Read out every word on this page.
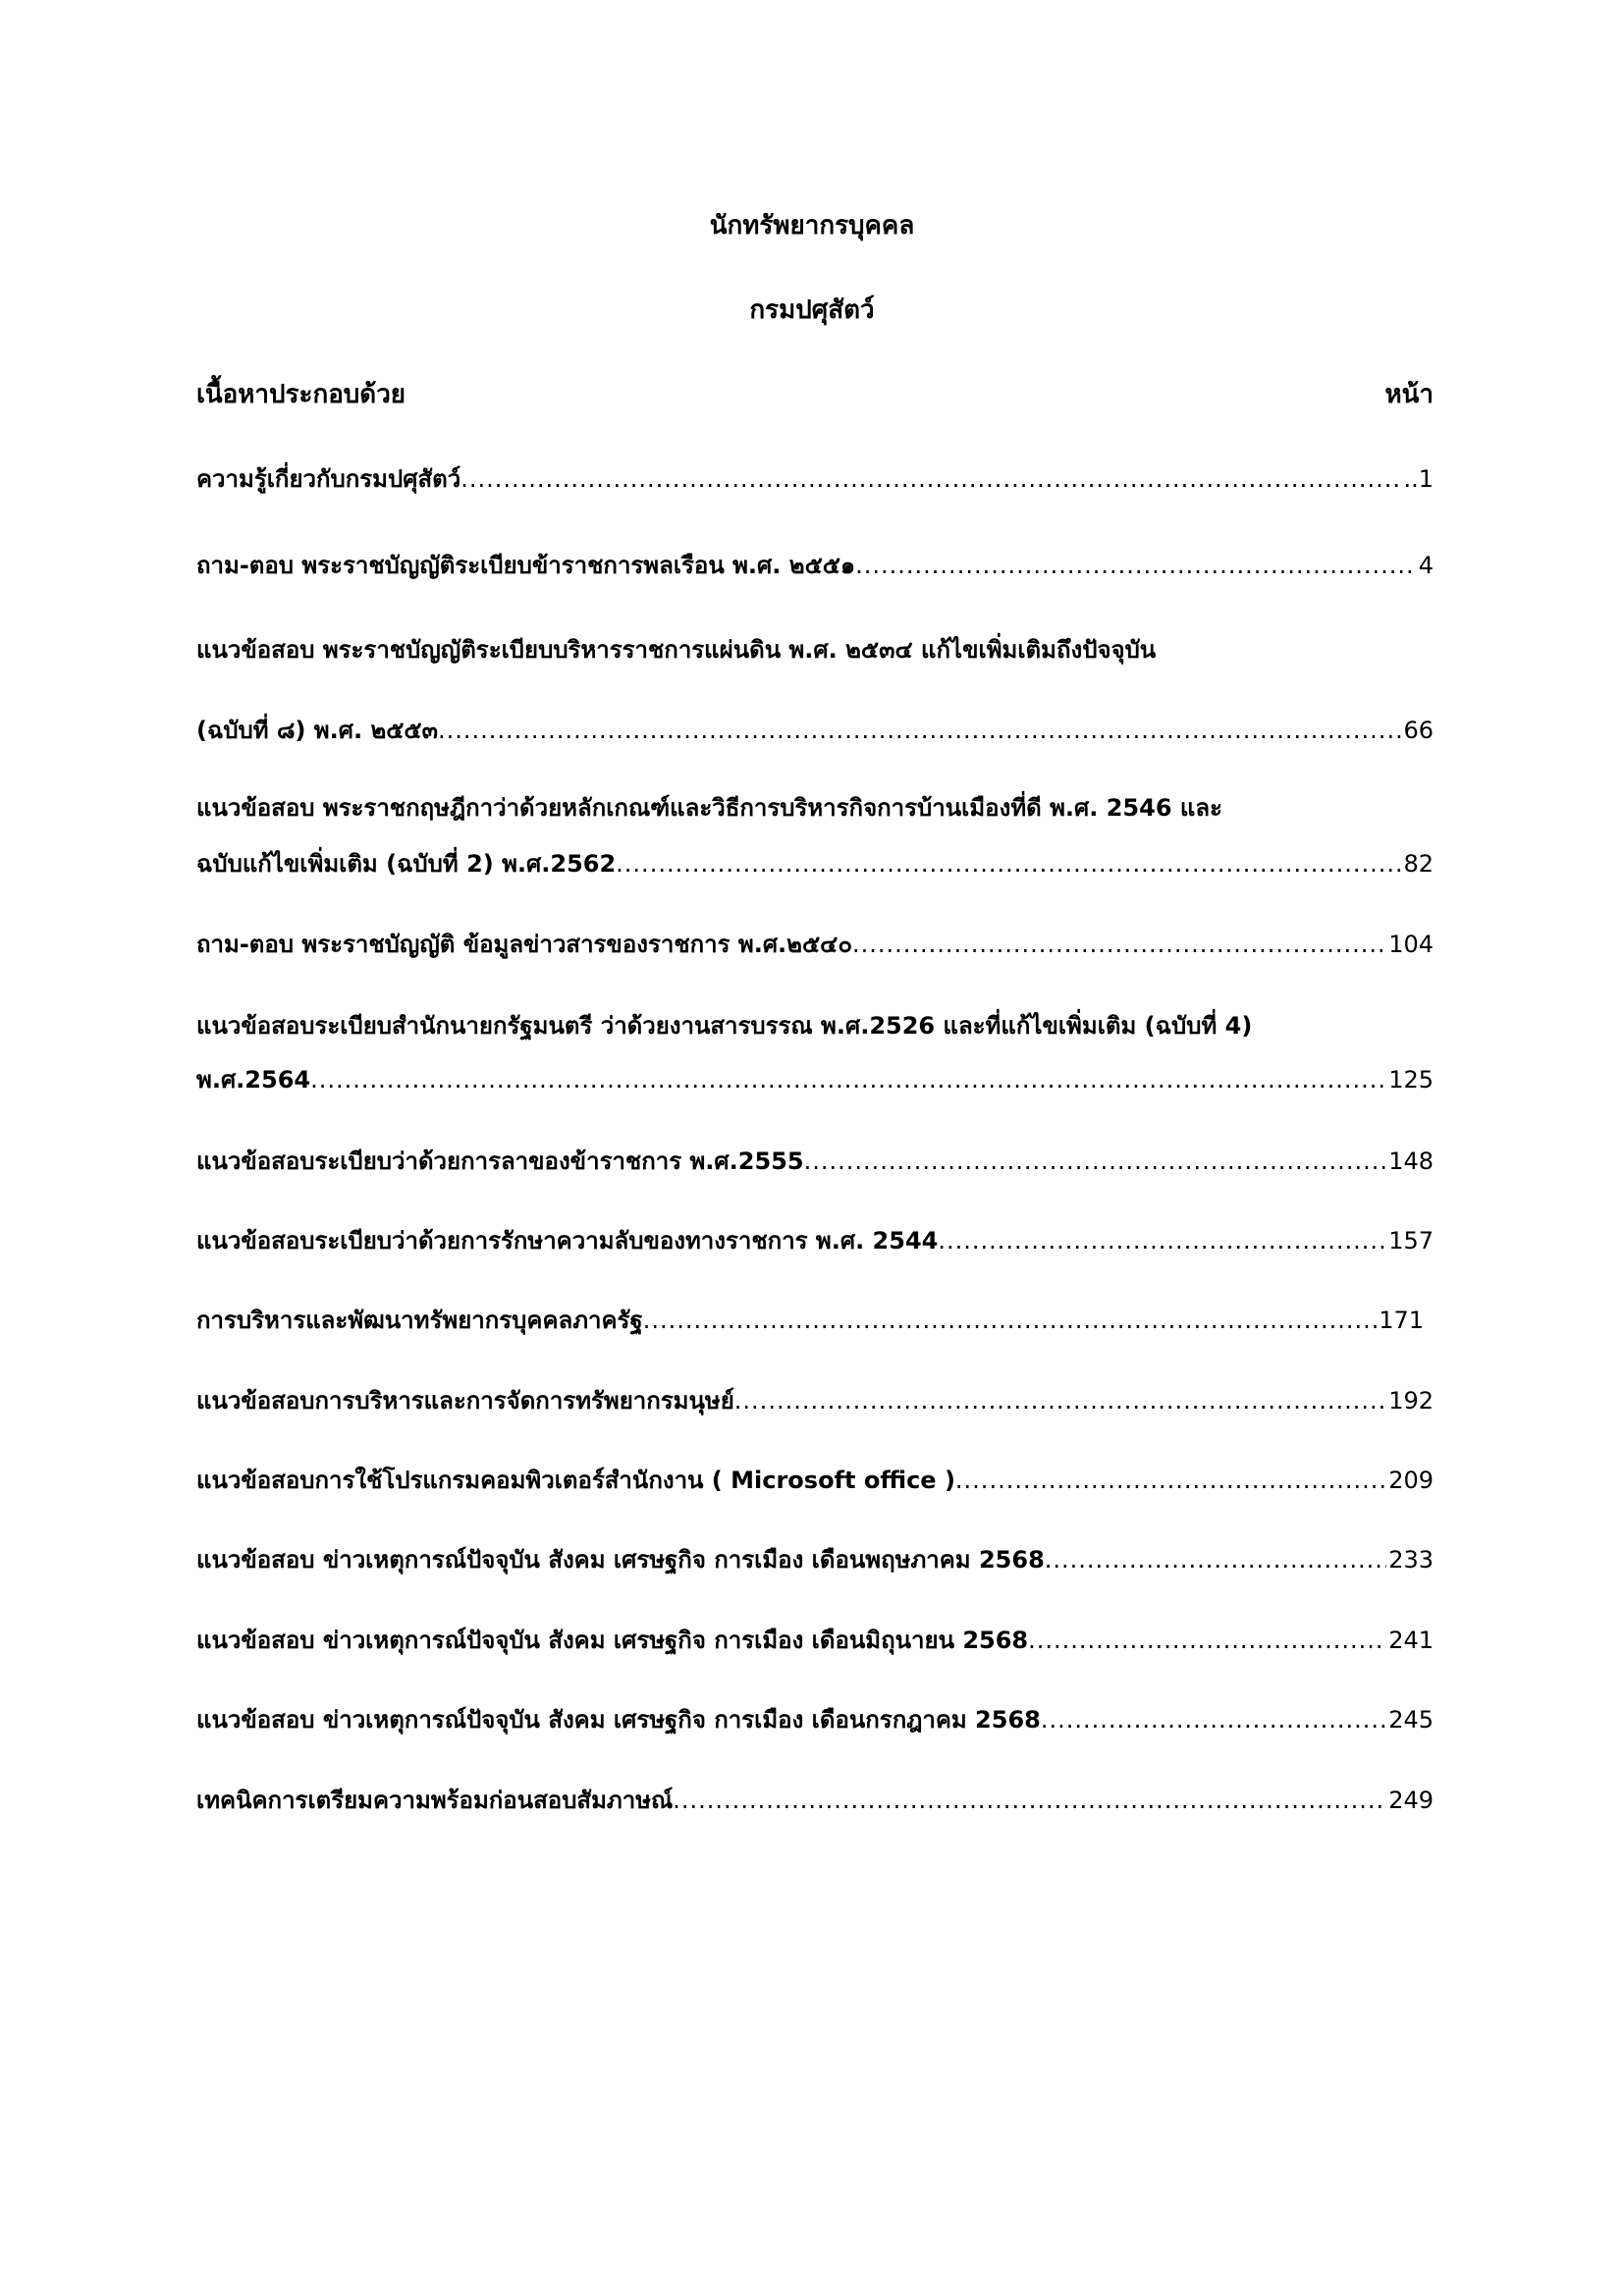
นักทรัพยากรบุคคล
กรมปศุสัตว์
เนื้อหาประกอบด้วย	หน้า
ความรู้เกี่ยวกับกรมปศุสัตว์ .....	..1
ถาม-ตอบ พระราชบัญญัติระเบียบข้าราชการพลเรือน พ.ศ. ๒๕๕๑ .....	4
แนวข้อสอบ พระราชบัญญัติระเบียบบริหารราชการแผ่นดิน พ.ศ. ๒๕๓๔ แก้ไขเพิ่มเติมถึงปัจจุบัน
(ฉบับที่ ๘) พ.ศ. ๒๕๕๓ .....	66
แนวข้อสอบ พระราชกฤษฎีกาว่าด้วยหลักเกณฑ์และวิธีการบริหารกิจการบ้านเมืองที่ดี พ.ศ. 2546 และ
ฉบับแก้ไขเพิ่มเติม (ฉบับที่ 2) พ.ศ.2562 .....	82
ถาม-ตอบ พระราชบัญญัติ ข้อมูลข่าวสารของราชการ พ.ศ.๒๕๔๐ .....	104
แนวข้อสอบระเบียบสำนักนายกรัฐมนตรี ว่าด้วยงานสารบรรณ พ.ศ.2526 และที่แก้ไขเพิ่มเติม (ฉบับที่ 4)
พ.ศ.2564 .....	125
แนวข้อสอบระเบียบว่าด้วยการลาของข้าราชการ พ.ศ.2555 .....	148
แนวข้อสอบระเบียบว่าด้วยการรักษาความลับของทางราชการ พ.ศ. 2544 .....	157
การบริหารและพัฒนาทรัพยากรบุคคลภาครัฐ .....	171
แนวข้อสอบการบริหารและการจัดการทรัพยากรมนุษย์ .....	192
แนวข้อสอบการใช้โปรแกรมคอมพิวเตอร์สำนักงาน ( Microsoft office ) .....	209
แนวข้อสอบ ข่าวเหตุการณ์ปัจจุบัน สังคม เศรษฐกิจ การเมือง เดือนพฤษภาคม 2568 .....	233
แนวข้อสอบ ข่าวเหตุการณ์ปัจจุบัน สังคม เศรษฐกิจ การเมือง เดือนมิถุนายน 2568 .....	241
แนวข้อสอบ ข่าวเหตุการณ์ปัจจุบัน สังคม เศรษฐกิจ การเมือง เดือนกรกฎาคม 2568 .....	245
เทคนิคการเตรียมความพร้อมก่อนสอบสัมภาษณ์ .....	249
